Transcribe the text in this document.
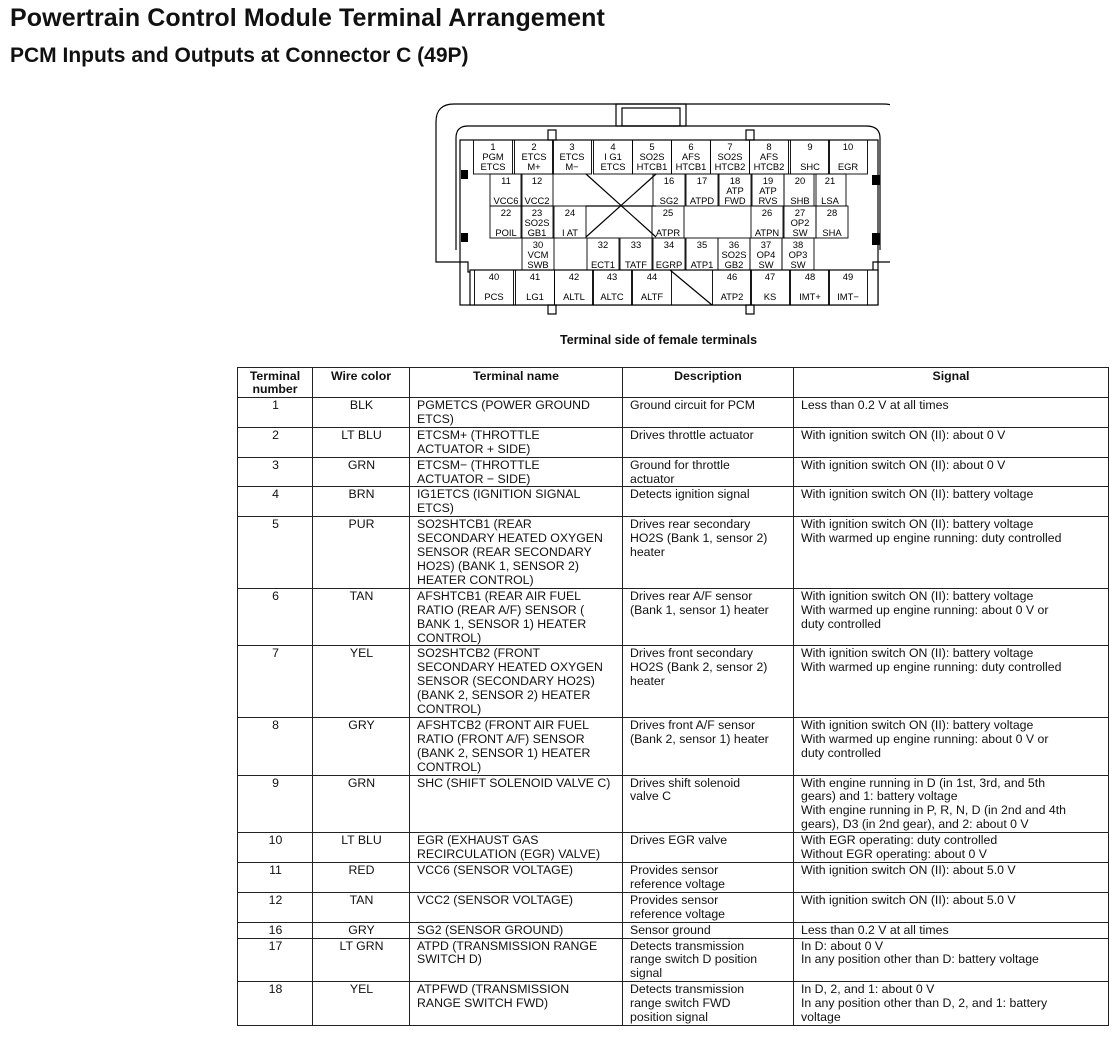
Powertrain Control Module Terminal Arrangement
PCM Inputs and Outputs at Connector C (49P)
1
PGM
ETCS
2
ETCS
M+
3
ETCS
M−
4
I G1
ETCS
5
SO2S
HTCB1
6
AFS
HTCB1
7
SO2S
HTCB2
8
AFS
HTCB2
9
SHC
10
EGR
11
VCC6
12
VCC2
16
SG2
17
ATPD
18
ATP
FWD
19
ATP
RVS
20
SHB
21
LSA
22
POIL
23
SO2S
GB1
24
I AT
25
ATPR
26
ATPN
27
OP2
SW
28
SHA
30
VCM
SWB
32
ECT1
33
TATF
34
EGRP
35
ATP1
36
SO2S
GB2
37
OP4
SW
38
OP3
SW
40
PCS
41
LG1
42
ALTL
43
ALTC
44
ALTF
46
ATP2
47
KS
48
IMT+
49
IMT−
Terminal side of female terminals
Terminal number	Wire color	Terminal name	Description	Signal
1	BLK	PGMETCS (POWER GROUND
ETCS)	Ground circuit for PCM	Less than 0.2 V at all times

2	LT BLU	ETCSM+ (THROTTLE
ACTUATOR + SIDE)	Drives throttle actuator	With ignition switch ON (II): about 0 V

3	GRN	ETCSM− (THROTTLE
ACTUATOR − SIDE)	Ground for throttle
actuator	With ignition switch ON (II): about 0 V

4	BRN	IG1ETCS (IGNITION SIGNAL
ETCS)	Detects ignition signal	With ignition switch ON (II): battery voltage

5	PUR	SO2SHTCB1 (REAR
SECONDARY HEATED OXYGEN
SENSOR (REAR SECONDARY
HO2S) (BANK 1, SENSOR 2)
HEATER CONTROL)	Drives rear secondary
HO2S (Bank 1, sensor 2)
heater	With ignition switch ON (II): battery voltage
With warmed up engine running: duty controlled

6	TAN	AFSHTCB1 (REAR AIR FUEL
RATIO (REAR A/F) SENSOR (
BANK 1, SENSOR 1) HEATER
CONTROL)	Drives rear A/F sensor
(Bank 1, sensor 1) heater	With ignition switch ON (II): battery voltage
With warmed up engine running: about 0 V or
duty controlled

7	YEL	SO2SHTCB2 (FRONT
SECONDARY HEATED OXYGEN
SENSOR (SECONDARY HO2S)
(BANK 2, SENSOR 2) HEATER
CONTROL)	Drives front secondary
HO2S (Bank 2, sensor 2)
heater	With ignition switch ON (II): battery voltage
With warmed up engine running: duty controlled

8	GRY	AFSHTCB2 (FRONT AIR FUEL
RATIO (FRONT A/F) SENSOR
(BANK 2, SENSOR 1) HEATER
CONTROL)	Drives front A/F sensor
(Bank 2, sensor 1) heater	With ignition switch ON (II): battery voltage
With warmed up engine running: about 0 V or
duty controlled

9	GRN	SHC (SHIFT SOLENOID VALVE C)	Drives shift solenoid
valve C	With engine running in D (in 1st, 3rd, and 5th
gears) and 1: battery voltage
With engine running in P, R, N, D (in 2nd and 4th
gears), D3 (in 2nd gear), and 2: about 0 V

10	LT BLU	EGR (EXHAUST GAS
RECIRCULATION (EGR) VALVE)	Drives EGR valve	With EGR operating: duty controlled
Without EGR operating: about 0 V

11	RED	VCC6 (SENSOR VOLTAGE)	Provides sensor
reference voltage	With ignition switch ON (II): about 5.0 V

12	TAN	VCC2 (SENSOR VOLTAGE)	Provides sensor
reference voltage	With ignition switch ON (II): about 5.0 V

16	GRY	SG2 (SENSOR GROUND)	Sensor ground	Less than 0.2 V at all times

17	LT GRN	ATPD (TRANSMISSION RANGE
SWITCH D)	Detects transmission
range switch D position
signal	In D: about 0 V
In any position other than D: battery voltage

18	YEL	ATPFWD (TRANSMISSION
RANGE SWITCH FWD)	Detects transmission
range switch FWD
position signal	In D, 2, and 1: about 0 V
In any position other than D, 2, and 1: battery
voltage
